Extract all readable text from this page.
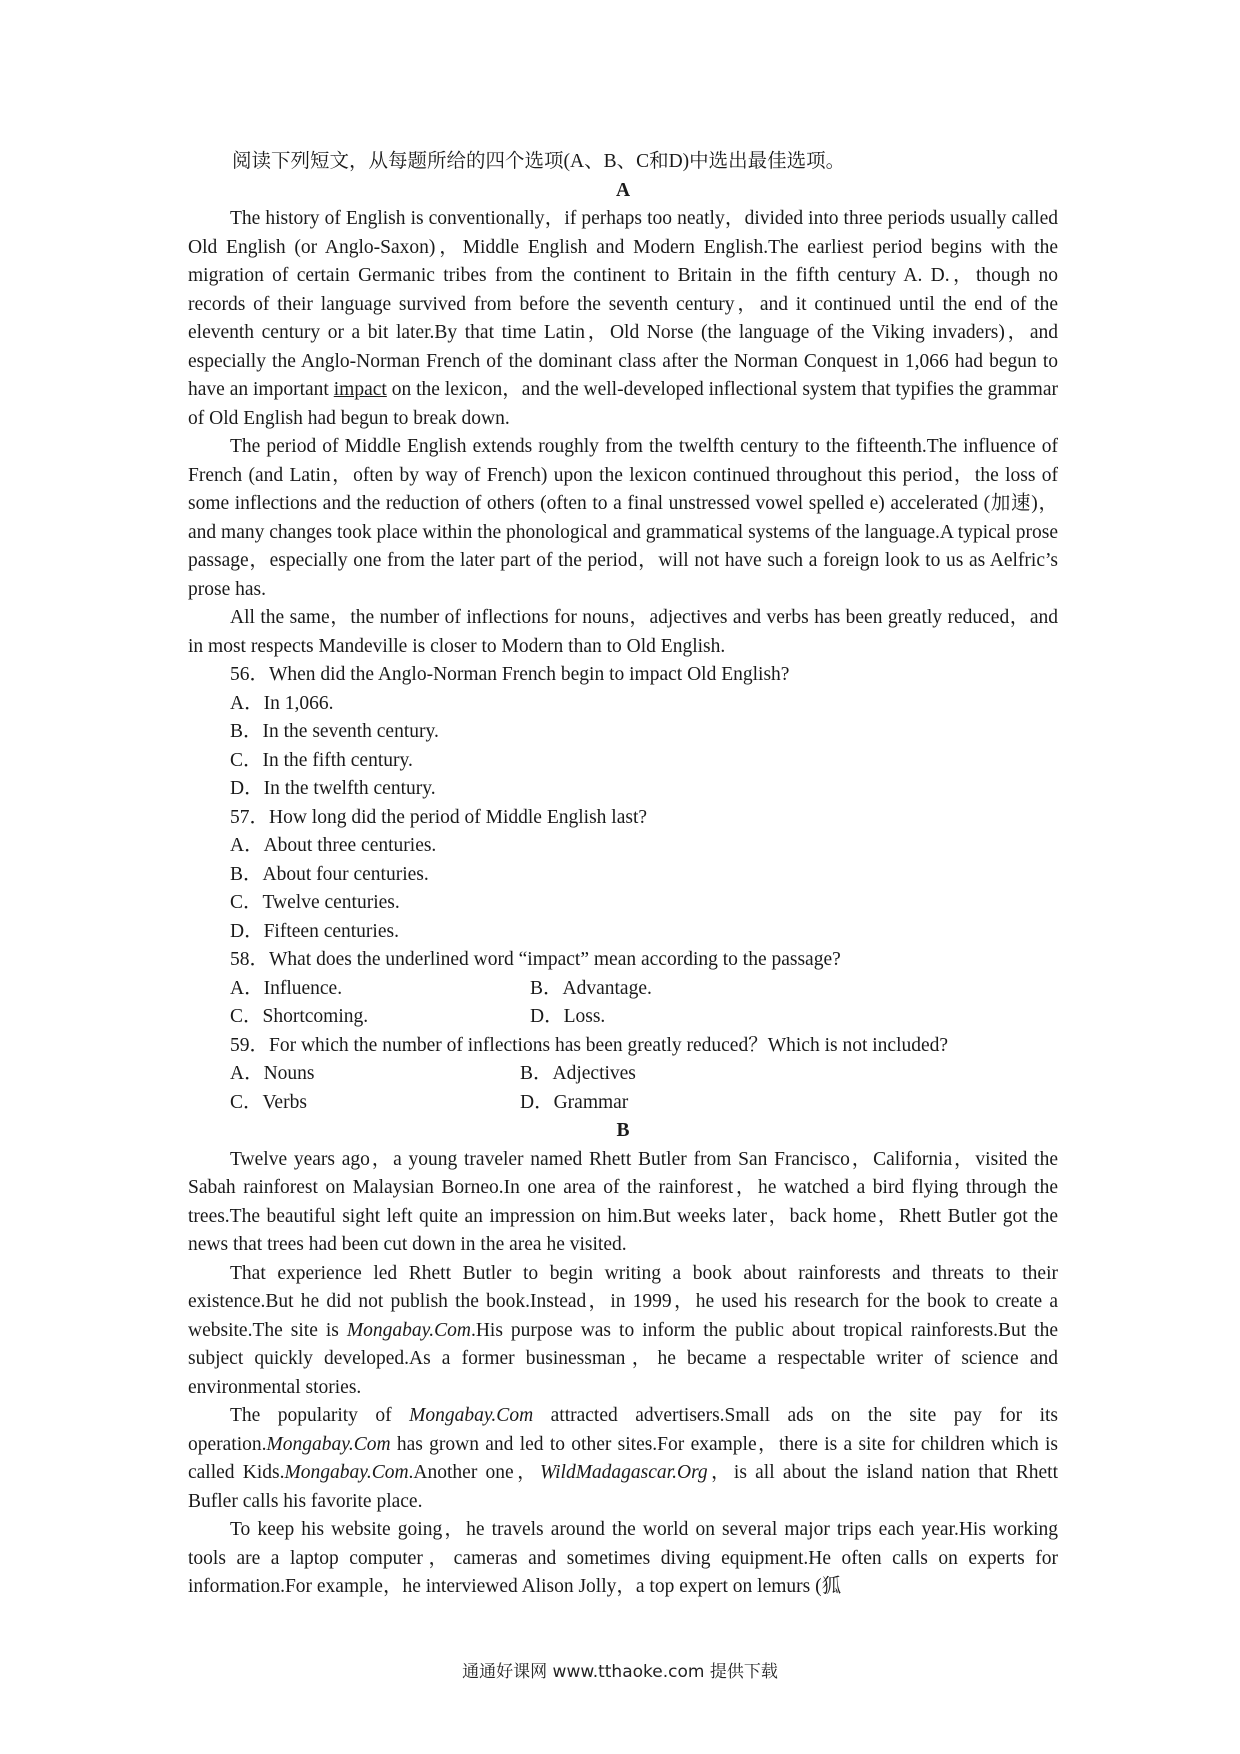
阅读下列短文，从每题所给的四个选项(A、B、C和D)中选出最佳选项。

A

The history of English is conventionally，if perhaps too neatly，divided into three periods usually called Old English (or Anglo-Saxon)，Middle English and Modern English.The earliest period begins with the migration of certain Germanic tribes from the continent to Britain in the fifth century A. D.，though no records of their language survived from before the seventh century，and it continued until the end of the eleventh century or a bit later.By that time Latin，Old Norse (the language of the Viking invaders)，and especially the Anglo-Norman French of the dominant class after the Norman Conquest in 1,066 had begun to have an important impact on the lexicon，and the well-developed inflectional system that typifies the grammar of Old English had begun to break down.

The period of Middle English extends roughly from the twelfth century to the fifteenth.The influence of French (and Latin，often by way of French) upon the lexicon continued throughout this period，the loss of some inflections and the reduction of others (often to a final unstressed vowel spelled e) accelerated (加速)，and many changes took place within the phonological and grammatical systems of the language.A typical prose passage，especially one from the later part of the period，will not have such a foreign look to us as Aelfric’s prose has.

All the same，the number of inflections for nouns，adjectives and verbs has been greatly reduced，and in most respects Mandeville is closer to Modern than to Old English.

56．When did the Anglo-Norman French begin to impact Old English?

A．In 1,066.

B．In the seventh century.

C．In the fifth century.

D．In the twelfth century.

57．How long did the period of Middle English last?

A．About three centuries.

B．About four centuries.

C．Twelve centuries.

D．Fifteen centuries.

58．What does the underlined word “impact” mean according to the passage?

A．Influence.	B．Advantage.
C．Shortcoming.	D．Loss.

59．For which the number of inflections has been greatly reduced？Which is not included?

A．Nouns	B．Adjectives
C．Verbs	D．Grammar

B

Twelve years ago，a young traveler named Rhett Butler from San Francisco，California，visited the Sabah rainforest on Malaysian Borneo.In one area of the rainforest，he watched a bird flying through the trees.The beautiful sight left quite an impression on him.But weeks later，back home，Rhett Butler got the news that trees had been cut down in the area he visited.

That experience led Rhett Butler to begin writing a book about rainforests and threats to their existence.But he did not publish the book.Instead，in 1999，he used his research for the book to create a website.The site is Mongabay.Com.His purpose was to inform the public about tropical rainforests.But the subject quickly developed.As a former businessman，he became a respectable writer of science and environmental stories.

The popularity of Mongabay.Com attracted advertisers.Small ads on the site pay for its operation.Mongabay.Com has grown and led to other sites.For example，there is a site for children which is called Kids.Mongabay.Com.Another one，WildMadagascar.Org，is all about the island nation that Rhett Bufler calls his favorite place.

To keep his website going，he travels around the world on several major trips each year.His working tools are a laptop computer，cameras and sometimes diving equipment.He often calls on experts for information.For example，he interviewed Alison Jolly，a top expert on lemurs (狐

通通好课网 www.tthaoke.com 提供下载
